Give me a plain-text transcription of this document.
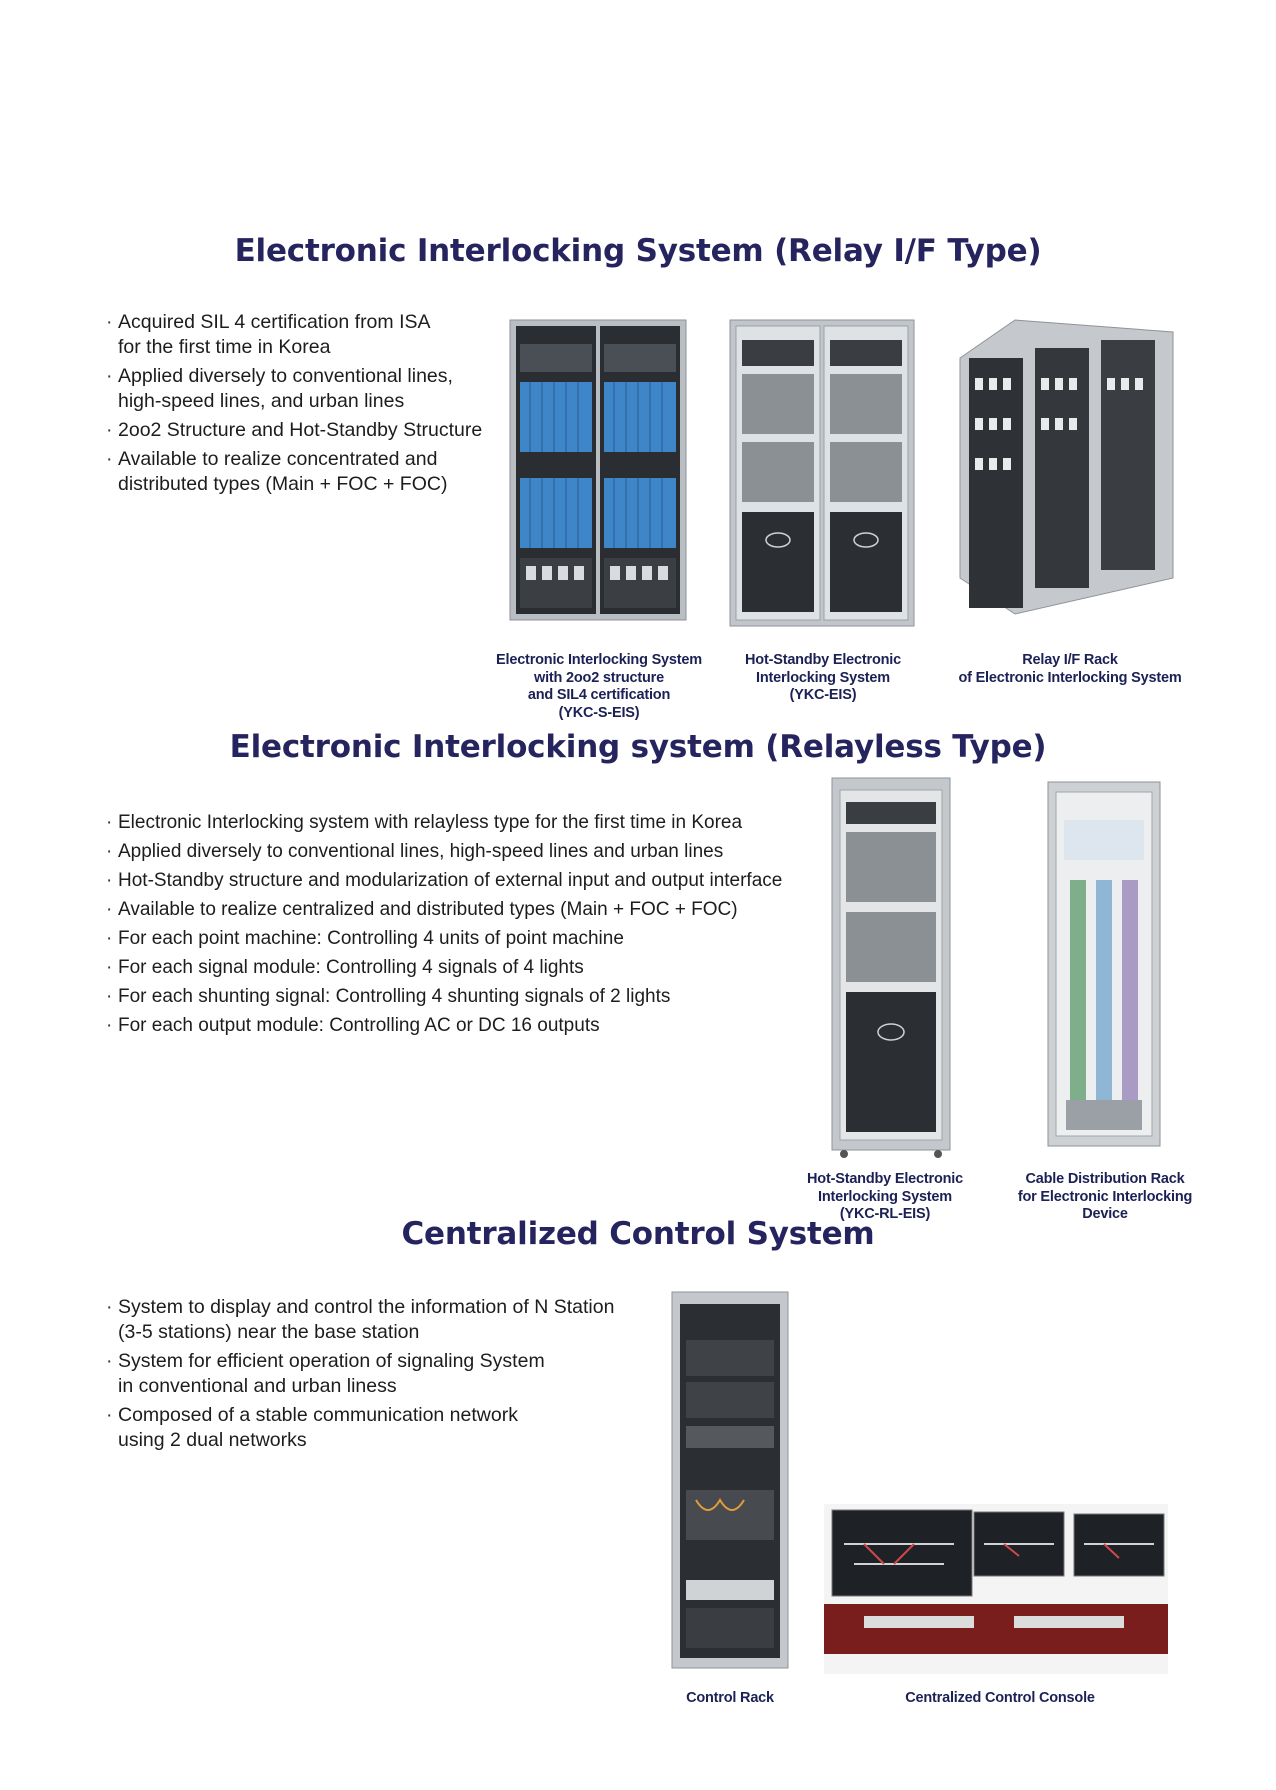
Electronic Interlocking System (Relay I/F Type)
· Acquired SIL 4 certification from ISA
for the first time in Korea
· Applied diversely to conventional lines,
high-speed lines, and urban lines
· 2oo2 Structure and Hot-Standby Structure
· Available to realize concentrated and
distributed types (Main + FOC + FOC)
Electronic Interlocking System
with 2oo2 structure
and SIL4 certification
(YKC-S-EIS)
Hot-Standby Electronic
Interlocking System
(YKC-EIS)
Relay I/F Rack
of Electronic Interlocking System
Electronic Interlocking system (Relayless Type)
· Electronic Interlocking system with relayless type for the first time in Korea
· Applied diversely to conventional lines, high-speed lines and urban lines
· Hot-Standby structure and modularization of external input and output interface
· Available to realize centralized and distributed types (Main + FOC + FOC)
· For each point machine: Controlling 4 units of point machine
· For each signal module: Controlling 4 signals of 4 lights
· For each shunting signal: Controlling 4 shunting signals of 2 lights
· For each output module: Controlling AC or DC 16 outputs
Hot-Standby Electronic
Interlocking System
(YKC-RL-EIS)
Cable Distribution Rack
for Electronic Interlocking
Device
Centralized Control System
· System to display and control the information of N Station
(3-5 stations) near the base station
· System for efficient operation of signaling System
in conventional and urban liness
· Composed of a stable communication network
using 2 dual networks
Control Rack	Centralized Control Console
